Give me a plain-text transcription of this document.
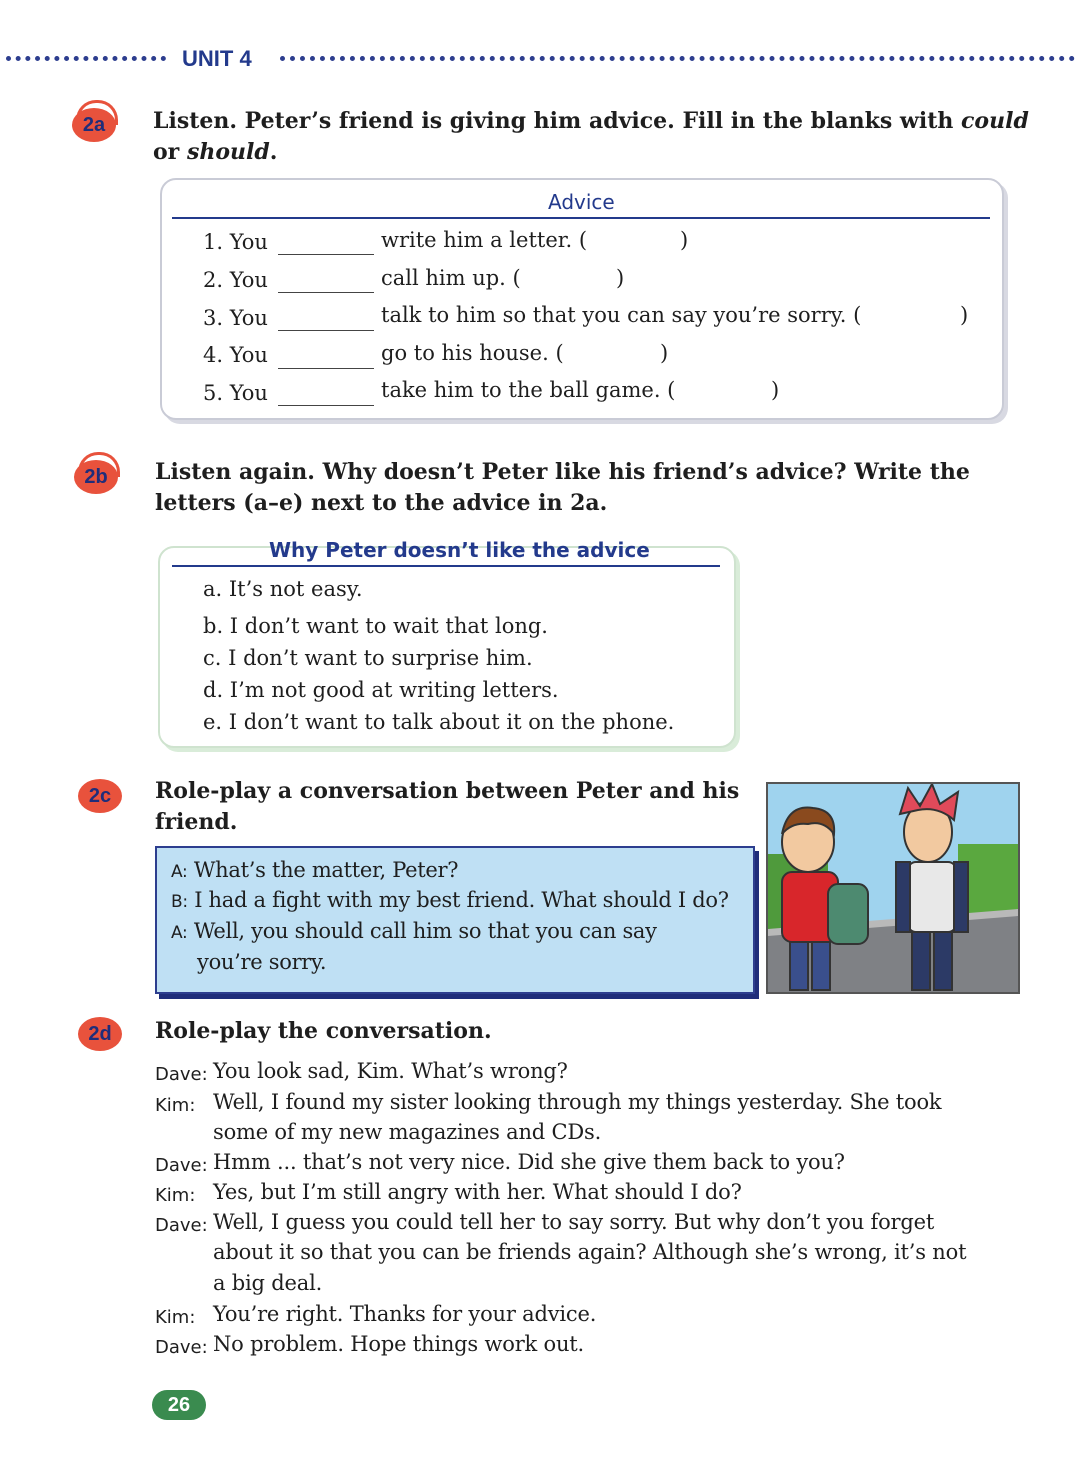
UNIT 4
2a	Listen. Peter’s friend is giving him advice. Fill in the blanks with could
or should.
Advice
1. You	write him a letter. (	)
2. You	call him up. (	)
3. You	talk to him so that you can say you’re sorry. (	)
4. You	go to his house. (	)
5. You	take him to the ball game. (	)
2b	Listen again. Why doesn’t Peter like his friend’s advice? Write the
letters (a–e) next to the advice in 2a.
Why Peter doesn’t like the advice
a. It’s not easy.
b. I don’t want to wait that long.
c. I don’t want to surprise him.
d. I’m not good at writing letters.
e. I don’t want to talk about it on the phone.
2c	Role-play a conversation between Peter and his
friend.
A: What’s the matter, Peter?
B: I had a fight with my best friend. What should I do?
A: Well, you should call him so that you can say
you’re sorry.
2d	Role-play the conversation.
Dave: You look sad, Kim. What’s wrong?
Kim: Well, I found my sister looking through my things yesterday. She took
some of my new magazines and CDs.
Dave: Hmm ... that’s not very nice. Did she give them back to you?
Kim: Yes, but I’m still angry with her. What should I do?
Dave: Well, I guess you could tell her to say sorry. But why don’t you forget
about it so that you can be friends again? Although she’s wrong, it’s not
a big deal.
Kim: You’re right. Thanks for your advice.
Dave: No problem. Hope things work out.
26
